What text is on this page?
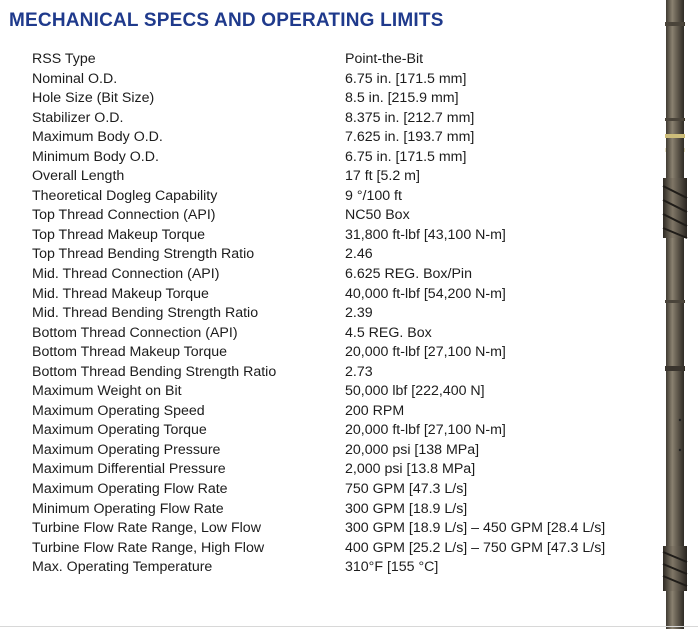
MECHANICAL SPECS AND OPERATING LIMITS
RSS Type	Point-the-Bit
Nominal O.D.	6.75 in. [171.5 mm]
Hole Size (Bit Size)	8.5 in. [215.9 mm]
Stabilizer O.D.	8.375 in. [212.7 mm]
Maximum Body O.D.	7.625 in. [193.7 mm]
Minimum Body O.D.	6.75 in. [171.5 mm]
Overall Length	17 ft [5.2 m]
Theoretical Dogleg Capability	9 °/100 ft
Top Thread Connection (API)	NC50 Box
Top Thread Makeup Torque	31,800 ft-lbf [43,100 N-m]
Top Thread Bending Strength Ratio	2.46
Mid. Thread Connection (API)	6.625 REG. Box/Pin
Mid. Thread Makeup Torque	40,000 ft-lbf [54,200 N-m]
Mid. Thread Bending Strength Ratio	2.39
Bottom Thread Connection (API)	4.5 REG. Box
Bottom Thread Makeup Torque	20,000 ft-lbf [27,100 N-m]
Bottom Thread Bending Strength Ratio	2.73
Maximum Weight on Bit	50,000 lbf [222,400 N]
Maximum Operating Speed	200 RPM
Maximum Operating Torque	20,000 ft-lbf [27,100 N-m]
Maximum Operating Pressure	20,000 psi [138 MPa]
Maximum Differential Pressure	2,000 psi [13.8 MPa]
Maximum Operating Flow Rate	750 GPM [47.3 L/s]
Minimum Operating Flow Rate	300 GPM [18.9 L/s]
Turbine Flow Rate Range, Low Flow	300 GPM [18.9 L/s] – 450 GPM [28.4 L/s]
Turbine Flow Rate Range, High Flow	400 GPM [25.2 L/s] – 750 GPM [47.3 L/s]
Max. Operating Temperature	310°F [155 °C]
